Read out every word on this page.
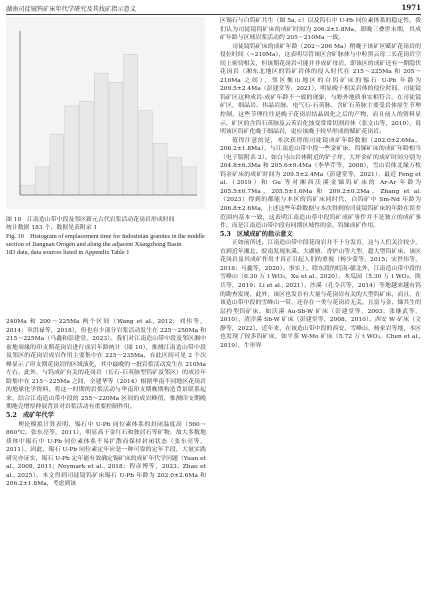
湖南司徒镜钨矿床年代学研究及其找矿指示意义	1971
图 10　江南造山带中段及邻区新元古代岩浆活动花岗岩形成时间
统计数据 183 个，数据见表附录 1
Fig. 10　Histogram of emplacement time for Indosinian granites in the middle section of Jiangnan Orogen and along the adjacent Xiangzhong Basin
183 data, data sources listed in Appendix Table 1

240Ma 和 200～225Ma 两个区间（Wang et al., 2012；刘伟等，2014；章洪禄等，2018），但也有少部分岩浆活动发生在 225～250Ma 和 215～225Ma（马鑫和彭建堂，2023）。我们对江南造山带中段及邻区湘中盆地周缘的印支期花岗岩进行成岩年龄统计（图 10），推测江南造山带中段及邻区的花岗岩成岩作用主要集中在 225～235Ma，在此区间可见 2 个次峰显示了印支期花岗岩的区域演化，其中最晚的一批岩浆活动发生在 210Ma 左右。此外，与钨成矿有关的花岗岩（长石-石英脉型钨矿及邻区）的成岩年龄集中在 215～225Ma 之间，全建华等（2014）根据华南不同地区花岗岩的地球化学资料，将这一时期的岩浆活动与华南印支期晚期构造背景联系起来，结合江南造山带中段的 255～220Ma 区间的成岩峰值，推测印支期晚期地壳增厚伸展背景对岩浆活动有重要控制作用。

5.2　成矿年代学

理论模拟计算表明，锡石中 U-Pb 同位素体系的封闭温度高（560～860°C，张东亮等，2011），明显高于金红石和独居石等矿物，故大多数地质体中锡石中 U-Pb 同位素体系不易扩散而保持封闭状态（张东亮等，2011），因此，锡石 U-Pb 同位素定年应是一种可靠的定年手段，大量实践研究亦证实，锡石 U-Pb 定年能有效确定锡矿床的成矿年代学问题（Yuan et al., 2008, 2011；Neymark et al., 2018；程彦博等，2023；Zhao et al., 2025）。本文得到司徒镜钨矿床锡石 U-Pb 年龄为 202.0±2.6Ma 和 206.2±1.8Ma，考虑到该

区锡石与白钨矿共生（图 5a, c）以及钨石中 U-Pb 同位素体系的稳定性，我们认为司徒镜钨矿床的成矿时间为 206.2±1.8Ma，即晚三叠世末期，其成矿年龄与区域岩浆活动约 205～210Ma 一致。

司徒镜钨矿床的成矿年龄（202～206 Ma）稍晚于该矿区赋矿花岗岩的侵位时间（~210Ma），这表明尽管该区含矿脉体与中粒黑云母二长花岗岩空间上密切相关，但该期花岗岩可能并非成矿母岩，即该区的成矿还有一期隐伏花岗岩（湘东北地区的钨矿岩体的侵入时代在 215～225Ma 和 205～210Ma 之间），邻区衡山地区的白钨矿床的锡石 U-Pb 年龄为 209.5±2.4Ma（彭建堂等，2021），明显晚于相关岩体的侵位时间，司徒镜钨矿区这种成岩-成矿年龄不一致的现象，与野外地质事实相符合。在司徒镜矿区，细晶岩、伟晶岩脉、电气石-石英脉、含矿石英脉主要受岩体原生节理控制，这些节理往往是晚于花岗岩结晶固化之后的产物，而且前人的资料显示，矿区的含钨石英脉及云英岩化蚀变常常切割岩体（张文山等，2010），说明该区钨矿化晚于细晶岩，更应该晚于较早形成的赋矿花岗岩。

值得注意的是，本次获得的司徒镜成矿年龄数据（202.0±2.6Ma，206.2±1.8Ma），与江南造山带中段一些金矿床、钨锑矿床的成矿年龄相当（电子版附表 2）。如白马山岩体附近的铲子坪、大坪金矿的成矿时间分别为 204.8±6.3Ma 和 205.6±9.4Ma（李华芹等，2008），雪山岩体北缘万枚钨金矿床的成矿时间为 209.5±2.4Ma（彭建堂等，2021），最近 Feng et al.（2019）和 Gu 等对湘西沃溪金锑钨矿床的 Ar-Ar 年龄为 205.5±0.7Ma，205.5±1.6Ma 和 209.2±0.2Ma，Zhang et al.（2023）得到的都能与本区的钨矿床同时代，白钨矿中 Sm-Nd 年龄为 206.8±2.6Ma，上述这些年龄数据与本次得到的司徒镜钨矿床的年龄在误差范围内基本一致，这表明江南造山带中段钨矿成矿事件并不是独立的成矿事件，而是江南造山带中段有同期区域性的金、钨锑成矿作用。

5.3　区域成矿的指示意义

正如前所述，江南造山带中段花岗岩并不十分发育，这与人们关注较少，直到近年湘北、皖南发现朱溪、大湖塘、香炉山等大型、超大型钨矿床，该区花岗岩及其成矿作用才真正引起人们的重视（杨少蕾等，2015；宋世伟等，2018；马鑫等，2020）。事实上，除东段的皖南-赣北外，江南造山带中段的雪峰山（6.30 万 t WO₃，Xu et al., 2020）、木瓜园（5.30 万 t WO₃，陕兵等，2019；Li et al., 2021）、沙溪（孔令兵等，2014）等地越来越有钨的勘查发现，此外，该区也发育有大量与花岗岩有关的大型钨矿床，而且，在该造山带中段的雪峰山一带，还存在一类与花岗岩无关、且富与金、锑共生的层控型钨矿床，如沃溪 Au-Sb-W 矿床（彭建堂等，2003；张继武等，2010）、渣滓溪 Sb-W 矿床（彭建堂等，2008，2010）、西安 W 矿床（文静等，2022），近年来，在该造山带中段的西安、雪峰山、杨家岩等地，本区也发现了较多钨矿床，如平茶 W-Mo 矿床（5.72 万 t WO₃，Chen et al., 2019），牛形界
